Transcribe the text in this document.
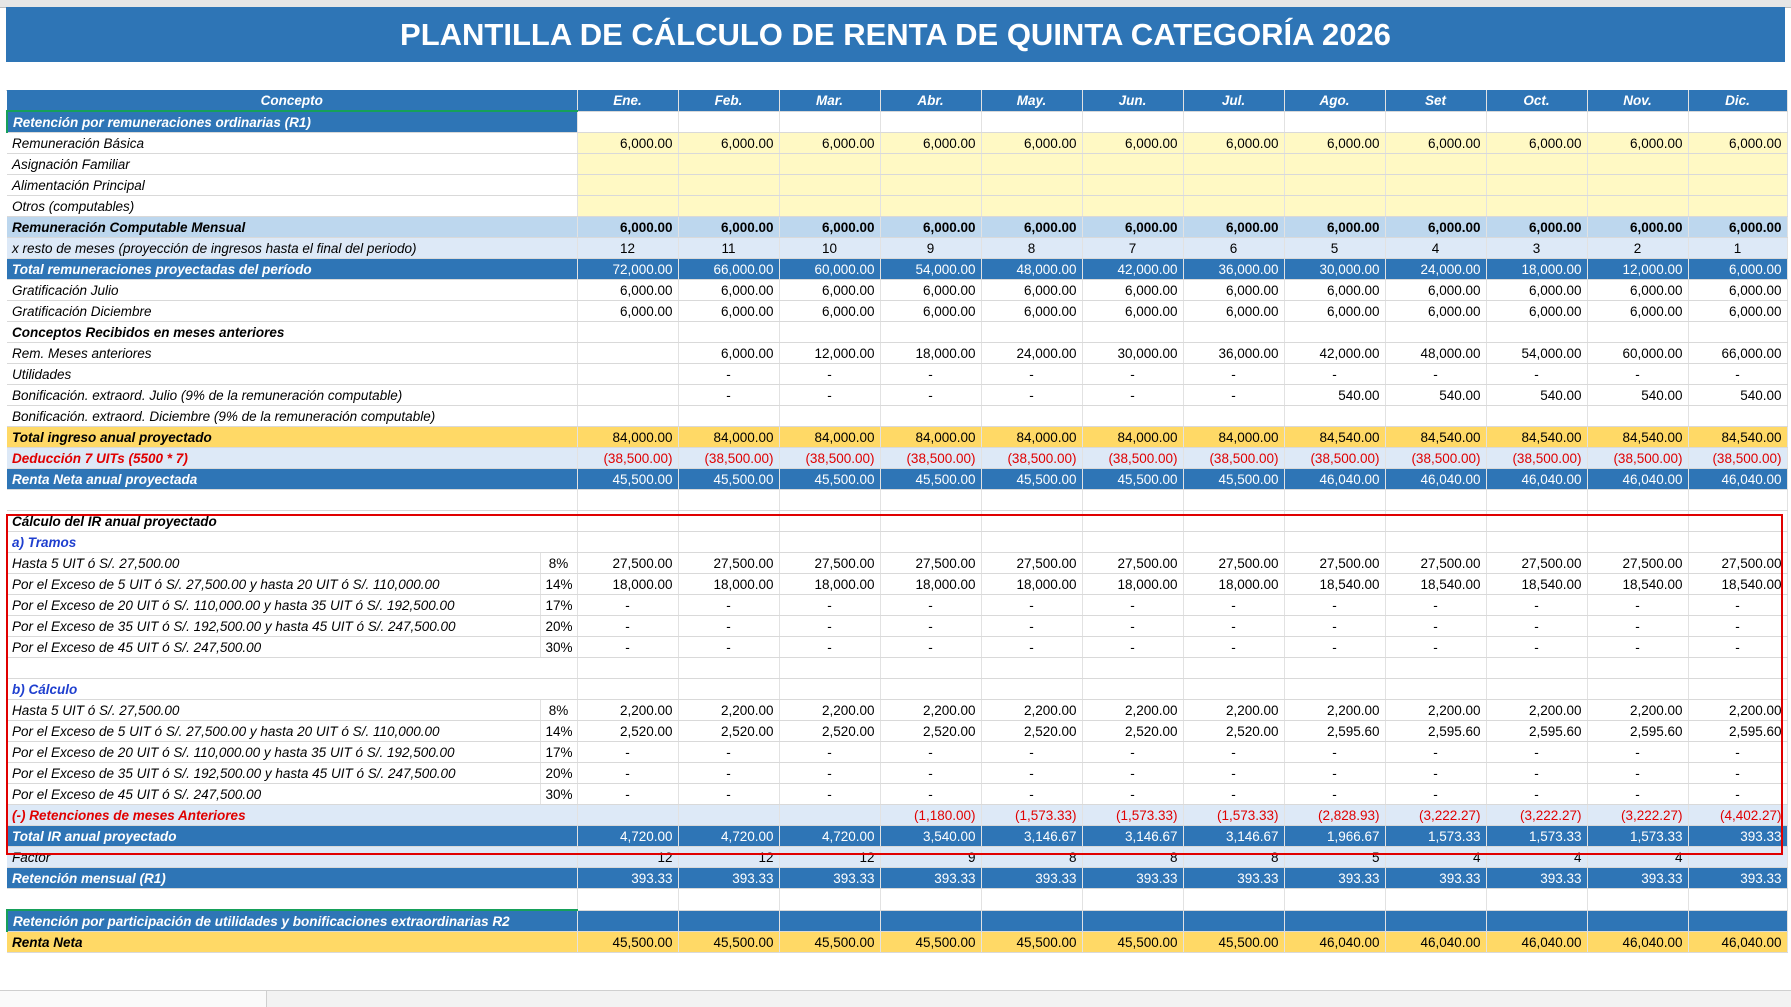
PLANTILLA DE CÁLCULO DE RENTA DE QUINTA CATEGORÍA 2026
Concepto		Ene.	Feb.	Mar.	Abr.	May.	Jun.	Jul.	Ago.	Set	Oct.	Nov.	Dic.
Retención por remuneraciones ordinarias (R1)													
Remuneración Básica		6,000.00	6,000.00	6,000.00	6,000.00	6,000.00	6,000.00	6,000.00	6,000.00	6,000.00	6,000.00	6,000.00	6,000.00
Asignación Familiar													
Alimentación Principal													
Otros (computables)													
Remuneración Computable Mensual		6,000.00	6,000.00	6,000.00	6,000.00	6,000.00	6,000.00	6,000.00	6,000.00	6,000.00	6,000.00	6,000.00	6,000.00
x resto de meses (proyección de ingresos hasta el final del periodo)		12	11	10	9	8	7	6	5	4	3	2	1
Total remuneraciones proyectadas del período		72,000.00	66,000.00	60,000.00	54,000.00	48,000.00	42,000.00	36,000.00	30,000.00	24,000.00	18,000.00	12,000.00	6,000.00
Gratificación Julio		6,000.00	6,000.00	6,000.00	6,000.00	6,000.00	6,000.00	6,000.00	6,000.00	6,000.00	6,000.00	6,000.00	6,000.00
Gratificación Diciembre		6,000.00	6,000.00	6,000.00	6,000.00	6,000.00	6,000.00	6,000.00	6,000.00	6,000.00	6,000.00	6,000.00	6,000.00
Conceptos Recibidos en meses anteriores													
Rem. Meses anteriores			6,000.00	12,000.00	18,000.00	24,000.00	30,000.00	36,000.00	42,000.00	48,000.00	54,000.00	60,000.00	66,000.00
Utilidades			-	-	-	-	-	-	-	-	-	-	-
Bonificación. extraord. Julio (9% de la remuneración computable)			-	-	-	-	-	-	540.00	540.00	540.00	540.00	540.00
Bonificación. extraord. Diciembre (9% de la remuneración computable)													
Total ingreso anual proyectado		84,000.00	84,000.00	84,000.00	84,000.00	84,000.00	84,000.00	84,000.00	84,540.00	84,540.00	84,540.00	84,540.00	84,540.00
Deducción 7 UITs (5500 * 7)		(38,500.00)	(38,500.00)	(38,500.00)	(38,500.00)	(38,500.00)	(38,500.00)	(38,500.00)	(38,500.00)	(38,500.00)	(38,500.00)	(38,500.00)	(38,500.00)
Renta Neta anual proyectada		45,500.00	45,500.00	45,500.00	45,500.00	45,500.00	45,500.00	45,500.00	46,040.00	46,040.00	46,040.00	46,040.00	46,040.00

Cálculo del IR anual proyectado													
a) Tramos													
Hasta 5 UIT ó S/. 27,500.00	8%	27,500.00	27,500.00	27,500.00	27,500.00	27,500.00	27,500.00	27,500.00	27,500.00	27,500.00	27,500.00	27,500.00	27,500.00
Por el Exceso de 5 UIT ó S/. 27,500.00 y hasta 20 UIT ó S/. 110,000.00	14%	18,000.00	18,000.00	18,000.00	18,000.00	18,000.00	18,000.00	18,000.00	18,540.00	18,540.00	18,540.00	18,540.00	18,540.00
Por el Exceso de 20 UIT ó S/. 110,000.00 y hasta 35 UIT ó S/. 192,500.00	17%	-	-	-	-	-	-	-	-	-	-	-	-
Por el Exceso de 35 UIT ó S/. 192,500.00 y hasta 45 UIT ó S/. 247,500.00	20%	-	-	-	-	-	-	-	-	-	-	-	-
Por el Exceso de 45 UIT ó S/. 247,500.00	30%	-	-	-	-	-	-	-	-	-	-	-	-

b) Cálculo													
Hasta 5 UIT ó S/. 27,500.00	8%	2,200.00	2,200.00	2,200.00	2,200.00	2,200.00	2,200.00	2,200.00	2,200.00	2,200.00	2,200.00	2,200.00	2,200.00
Por el Exceso de 5 UIT ó S/. 27,500.00 y hasta 20 UIT ó S/. 110,000.00	14%	2,520.00	2,520.00	2,520.00	2,520.00	2,520.00	2,520.00	2,520.00	2,595.60	2,595.60	2,595.60	2,595.60	2,595.60
Por el Exceso de 20 UIT ó S/. 110,000.00 y hasta 35 UIT ó S/. 192,500.00	17%	-	-	-	-	-	-	-	-	-	-	-	-
Por el Exceso de 35 UIT ó S/. 192,500.00 y hasta 45 UIT ó S/. 247,500.00	20%	-	-	-	-	-	-	-	-	-	-	-	-
Por el Exceso de 45 UIT ó S/. 247,500.00	30%	-	-	-	-	-	-	-	-	-	-	-	-
(-) Retenciones de meses Anteriores					(1,180.00)	(1,573.33)	(1,573.33)	(1,573.33)	(2,828.93)	(3,222.27)	(3,222.27)	(3,222.27)	(4,402.27)
Total IR anual proyectado		4,720.00	4,720.00	4,720.00	3,540.00	3,146.67	3,146.67	3,146.67	1,966.67	1,573.33	1,573.33	1,573.33	393.33
Factor		12	12	12	9	8	8	8	5	4	4	4	
Retención mensual (R1)		393.33	393.33	393.33	393.33	393.33	393.33	393.33	393.33	393.33	393.33	393.33	393.33

Retención por participación de utilidades y bonificaciones extraordinarias R2													
Renta Neta		45,500.00	45,500.00	45,500.00	45,500.00	45,500.00	45,500.00	45,500.00	46,040.00	46,040.00	46,040.00	46,040.00	46,040.00
